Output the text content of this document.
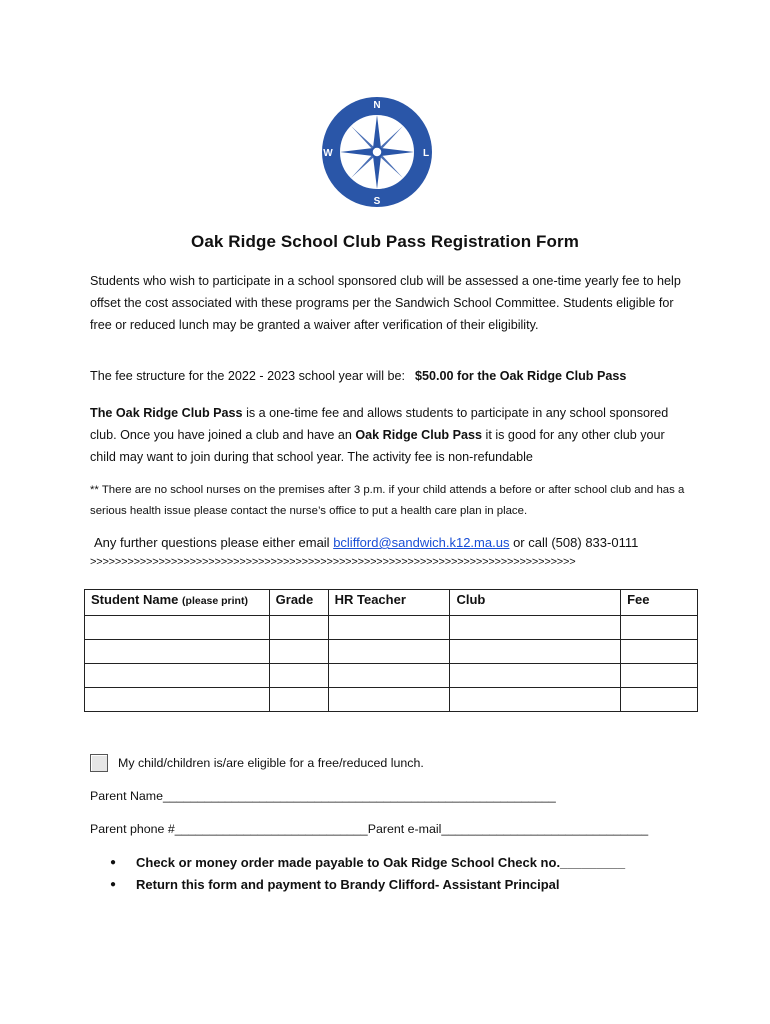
N
S
W	L
Oak Ridge School Club Pass Registration Form
Students who wish to participate in a school sponsored club will be assessed a one-time yearly fee to help offset the cost associated with these programs per the Sandwich School Committee. Students eligible for free or reduced lunch may be granted a waiver after verification of their eligibility.
The fee structure for the 2022 - 2023 school year will be: $50.00 for the Oak Ridge Club Pass
The Oak Ridge Club Pass is a one-time fee and allows students to participate in any school sponsored club. Once you have joined a club and have an Oak Ridge Club Pass it is good for any other club your child may want to join during that school year. The activity fee is non-refundable
** There are no school nurses on the premises after 3 p.m. if your child attends a before or after school club and has a serious health issue please contact the nurse’s office to put a health care plan in place.
Any further questions please either email bclifford@sandwich.k12.ma.us or call (508) 833-0111
>>>>>>>>>>>>>>>>>>>>>>>>>>>>>>>>>>>>>>>>>>>>>>>>>>>>>>>>>>>>>>>>>>>>>>>>>>>>>>
Student Name (please print)	Grade	HR Teacher	Club	Fee

My child/children is/are eligible for a free/reduced lunch.
Parent Name_________________________________________________________
Parent phone #____________________________Parent e-mail______________________________
● Check or money order made payable to Oak Ridge School Check no._________
● Return this form and payment to Brandy Clifford- Assistant Principal
